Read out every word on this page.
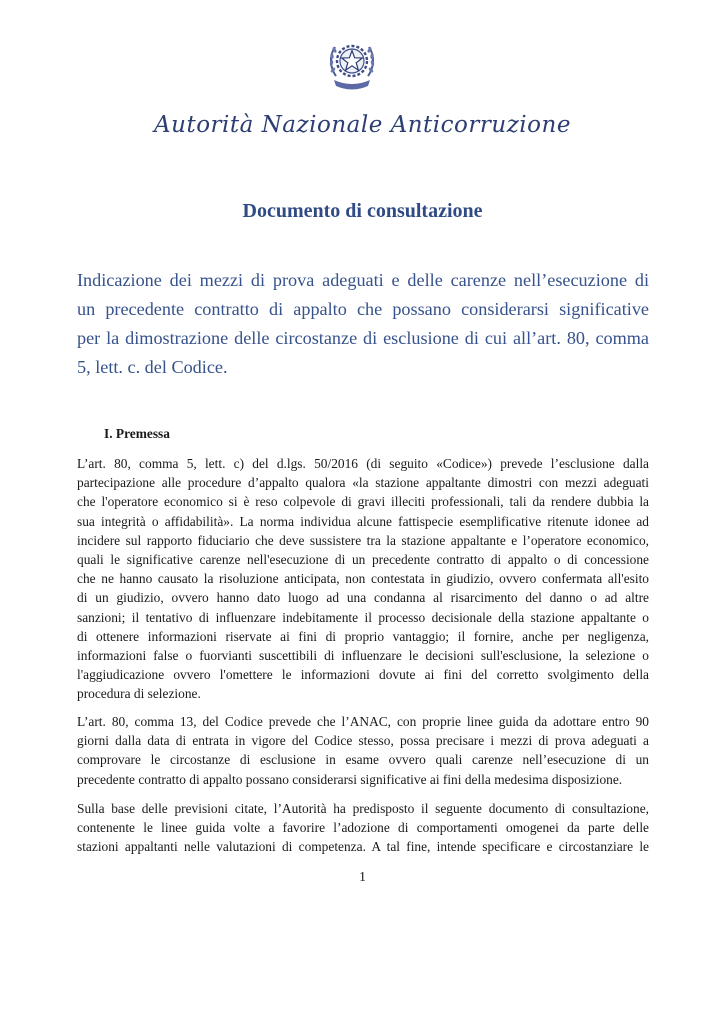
Autorità Nazionale Anticorruzione
Documento di consultazione
Indicazione dei mezzi di prova adeguati e delle carenze nell’esecuzione di
un precedente contratto di appalto che possano considerarsi significative
per la dimostrazione delle circostanze di esclusione di cui all’art. 80, comma
5, lett. c. del Codice.
I. Premessa
L’art. 80, comma 5, lett. c) del d.lgs. 50/2016 (di seguito «Codice») prevede l’esclusione dalla
partecipazione alle procedure d’appalto qualora «la stazione appaltante dimostri con mezzi adeguati
che l'operatore economico si è reso colpevole di gravi illeciti professionali, tali da rendere dubbia la
sua integrità o affidabilità». La norma individua alcune fattispecie esemplificative ritenute idonee ad
incidere sul rapporto fiduciario che deve sussistere tra la stazione appaltante e l’operatore economico,
quali le significative carenze nell'esecuzione di un precedente contratto di appalto o di concessione
che ne hanno causato la risoluzione anticipata, non contestata in giudizio, ovvero confermata all'esito
di un giudizio, ovvero hanno dato luogo ad una condanna al risarcimento del danno o ad altre
sanzioni; il tentativo di influenzare indebitamente il processo decisionale della stazione appaltante o
di ottenere informazioni riservate ai fini di proprio vantaggio; il fornire, anche per negligenza,
informazioni false o fuorvianti suscettibili di influenzare le decisioni sull'esclusione, la selezione o
l'aggiudicazione ovvero l'omettere le informazioni dovute ai fini del corretto svolgimento della
procedura di selezione.
L’art. 80, comma 13, del Codice prevede che l’ANAC, con proprie linee guida da adottare entro 90
giorni dalla data di entrata in vigore del Codice stesso, possa precisare i mezzi di prova adeguati a
comprovare le circostanze di esclusione in esame ovvero quali carenze nell’esecuzione di un
precedente contratto di appalto possano considerarsi significative ai fini della medesima disposizione.
Sulla base delle previsioni citate, l’Autorità ha predisposto il seguente documento di consultazione,
contenente le linee guida volte a favorire l’adozione di comportamenti omogenei da parte delle
stazioni appaltanti nelle valutazioni di competenza. A tal fine, intende specificare e circostanziare le
1
